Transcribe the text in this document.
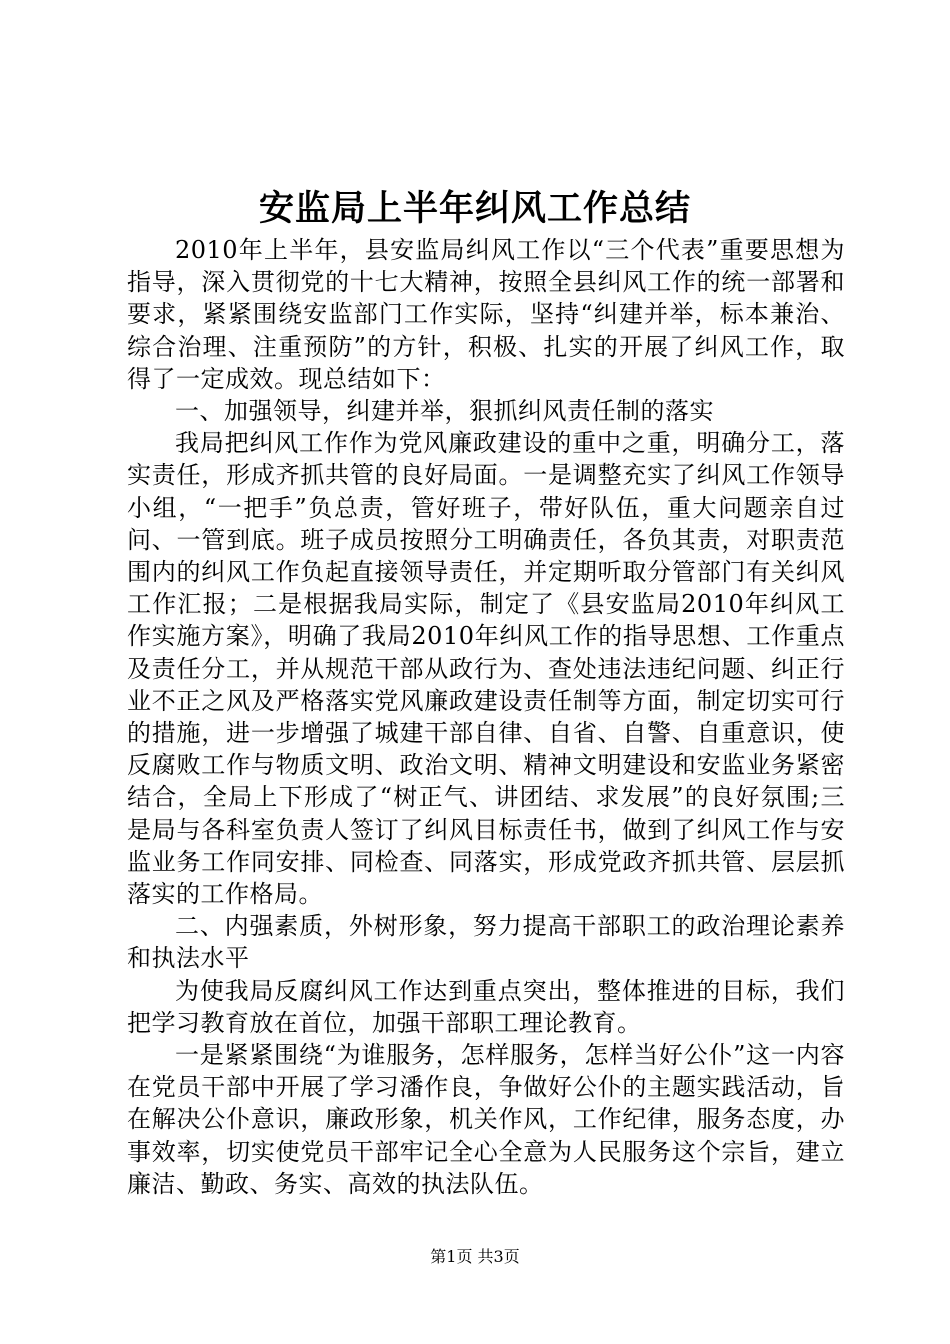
安监局上半年纠风工作总结

2010年上半年，县安监局纠风工作以“三个代表”重要思想为指导，深入贯彻党的十七大精神，按照全县纠风工作的统一部署和要求，紧紧围绕安监部门工作实际，坚持“纠建并举，标本兼治、综合治理、注重预防”的方针，积极、扎实的开展了纠风工作，取得了一定成效。现总结如下：

一、加强领导，纠建并举，狠抓纠风责任制的落实

我局把纠风工作作为党风廉政建设的重中之重，明确分工，落实责任，形成齐抓共管的良好局面。一是调整充实了纠风工作领导小组，“一把手”负总责，管好班子，带好队伍，重大问题亲自过问、一管到底。班子成员按照分工明确责任，各负其责，对职责范围内的纠风工作负起直接领导责任，并定期听取分管部门有关纠风工作汇报；二是根据我局实际，制定了《县安监局2010年纠风工作实施方案》，明确了我局2010年纠风工作的指导思想、工作重点及责任分工，并从规范干部从政行为、查处违法违纪问题、纠正行业不正之风及严格落实党风廉政建设责任制等方面，制定切实可行的措施，进一步增强了城建干部自律、自省、自警、自重意识，使反腐败工作与物质文明、政治文明、精神文明建设和安监业务紧密结合，全局上下形成了“树正气、讲团结、求发展”的良好氛围;三是局与各科室负责人签订了纠风目标责任书，做到了纠风工作与安监业务工作同安排、同检查、同落实，形成党政齐抓共管、层层抓落实的工作格局。

二、内强素质，外树形象，努力提高干部职工的政治理论素养和执法水平

为使我局反腐纠风工作达到重点突出，整体推进的目标，我们把学习教育放在首位，加强干部职工理论教育。

一是紧紧围绕“为谁服务，怎样服务，怎样当好公仆”这一内容在党员干部中开展了学习潘作良，争做好公仆的主题实践活动，旨在解决公仆意识，廉政形象，机关作风，工作纪律，服务态度，办事效率，切实使党员干部牢记全心全意为人民服务这个宗旨，建立廉洁、勤政、务实、高效的执法队伍。

第1页 共3页
